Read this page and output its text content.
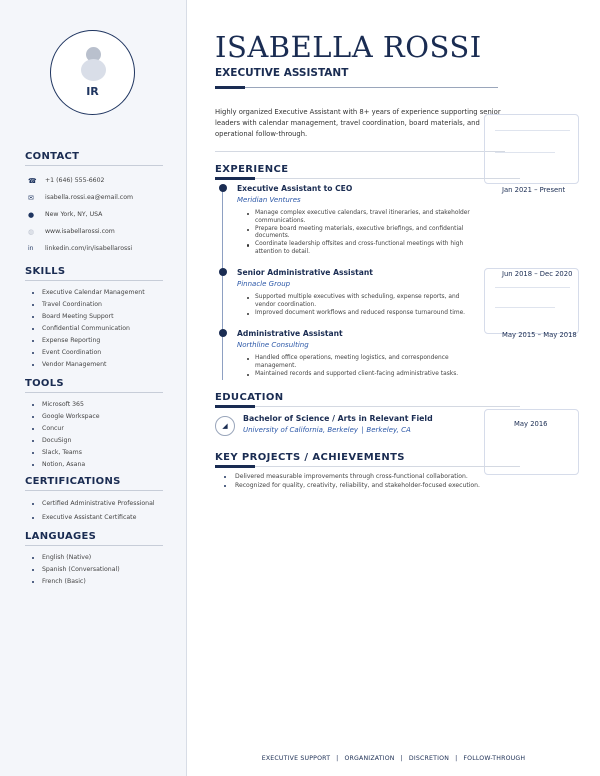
IR
CONTACT
☎	+1 (646) 555-6602
✉	isabella.rossi.ea@email.com
●	New York, NY, USA
◍	www.isabellarossi.com
in	linkedin.com/in/isabellarossi
SKILLS
Executive Calendar Management
Travel Coordination
Board Meeting Support
Confidential Communication
Expense Reporting
Event Coordination
Vendor Management
TOOLS
Microsoft 365
Google Workspace
Concur
DocuSign
Slack, Teams
Notion, Asana
CERTIFICATIONS
Certified Administrative Professional
Executive Assistant Certificate
LANGUAGES
English (Native)
Spanish (Conversational)
French (Basic)
ISABELLA ROSSI
EXECUTIVE ASSISTANT
Highly organized Executive Assistant with 8+ years of experience supporting senior leaders with calendar management, travel coordination, board materials, and operational follow-through.
EXPERIENCE
Executive Assistant to CEO
Meridian Ventures
Jan 2021 – Present
Manage complex executive calendars, travel itineraries, and stakeholder communications.
Prepare board meeting materials, executive briefings, and confidential documents.
Coordinate leadership offsites and cross-functional meetings with high attention to detail.
Senior Administrative Assistant
Pinnacle Group
Jun 2018 – Dec 2020
Supported multiple executives with scheduling, expense reports, and vendor coordination.
Improved document workflows and reduced response turnaround time.
Administrative Assistant
Northline Consulting
May 2015 – May 2018
Handled office operations, meeting logistics, and correspondence management.
Maintained records and supported client-facing administrative tasks.
EDUCATION
◢
Bachelor of Science / Arts in Relevant Field
University of California, Berkeley | Berkeley, CA
May 2016
KEY PROJECTS / ACHIEVEMENTS
Delivered measurable improvements through cross-functional collaboration.
Recognized for quality, creativity, reliability, and stakeholder-focused execution.
EXECUTIVE SUPPORT | ORGANIZATION | DISCRETION | FOLLOW-THROUGH
